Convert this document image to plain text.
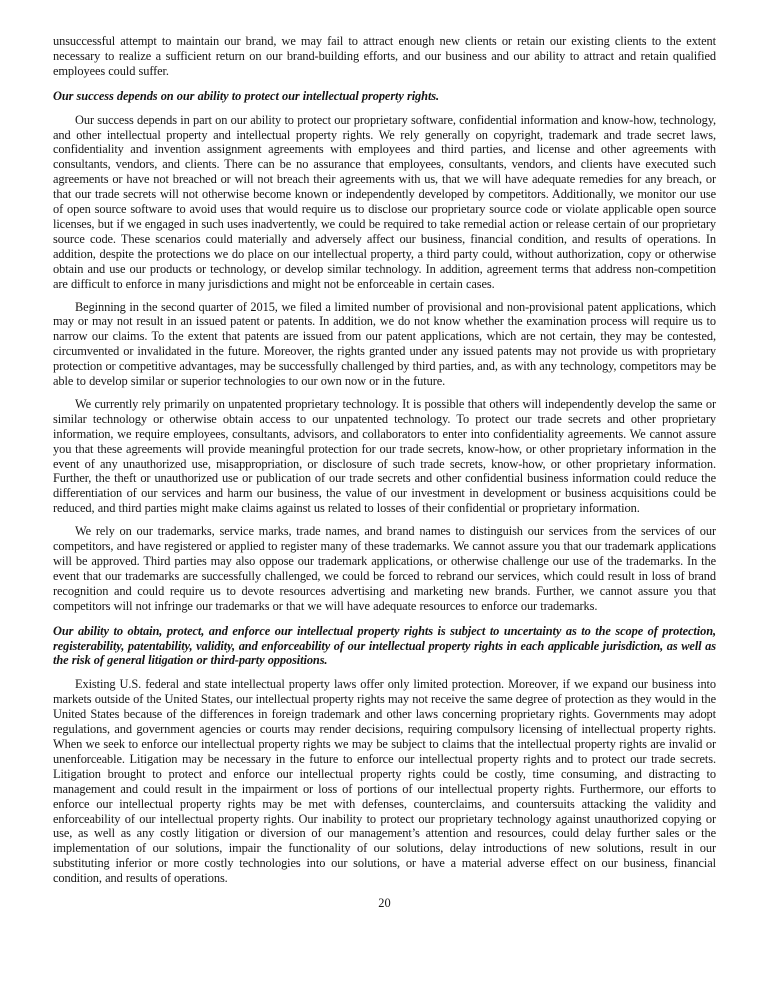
unsuccessful attempt to maintain our brand, we may fail to attract enough new clients or retain our existing clients to the extent necessary to realize a sufficient return on our brand-building efforts, and our business and our ability to attract and retain qualified employees could suffer.

Our success depends on our ability to protect our intellectual property rights.

Our success depends in part on our ability to protect our proprietary software, confidential information and know-how, technology, and other intellectual property and intellectual property rights. We rely generally on copyright, trademark and trade secret laws, confidentiality and invention assignment agreements with employees and third parties, and license and other agreements with consultants, vendors, and clients. There can be no assurance that employees, consultants, vendors, and clients have executed such agreements or have not breached or will not breach their agreements with us, that we will have adequate remedies for any breach, or that our trade secrets will not otherwise become known or independently developed by competitors. Additionally, we monitor our use of open source software to avoid uses that would require us to disclose our proprietary source code or violate applicable open source licenses, but if we engaged in such uses inadvertently, we could be required to take remedial action or release certain of our proprietary source code. These scenarios could materially and adversely affect our business, financial condition, and results of operations. In addition, despite the protections we do place on our intellectual property, a third party could, without authorization, copy or otherwise obtain and use our products or technology, or develop similar technology. In addition, agreement terms that address non-competition are difficult to enforce in many jurisdictions and might not be enforceable in certain cases.

Beginning in the second quarter of 2015, we filed a limited number of provisional and non-provisional patent applications, which may or may not result in an issued patent or patents. In addition, we do not know whether the examination process will require us to narrow our claims. To the extent that patents are issued from our patent applications, which are not certain, they may be contested, circumvented or invalidated in the future. Moreover, the rights granted under any issued patents may not provide us with proprietary protection or competitive advantages, may be successfully challenged by third parties, and, as with any technology, competitors may be able to develop similar or superior technologies to our own now or in the future.

We currently rely primarily on unpatented proprietary technology. It is possible that others will independently develop the same or similar technology or otherwise obtain access to our unpatented technology. To protect our trade secrets and other proprietary information, we require employees, consultants, advisors, and collaborators to enter into confidentiality agreements. We cannot assure you that these agreements will provide meaningful protection for our trade secrets, know-how, or other proprietary information in the event of any unauthorized use, misappropriation, or disclosure of such trade secrets, know-how, or other proprietary information. Further, the theft or unauthorized use or publication of our trade secrets and other confidential business information could reduce the differentiation of our services and harm our business, the value of our investment in development or business acquisitions could be reduced, and third parties might make claims against us related to losses of their confidential or proprietary information.

We rely on our trademarks, service marks, trade names, and brand names to distinguish our services from the services of our competitors, and have registered or applied to register many of these trademarks. We cannot assure you that our trademark applications will be approved. Third parties may also oppose our trademark applications, or otherwise challenge our use of the trademarks. In the event that our trademarks are successfully challenged, we could be forced to rebrand our services, which could result in loss of brand recognition and could require us to devote resources advertising and marketing new brands. Further, we cannot assure you that competitors will not infringe our trademarks or that we will have adequate resources to enforce our trademarks.

Our ability to obtain, protect, and enforce our intellectual property rights is subject to uncertainty as to the scope of protection, registerability, patentability, validity, and enforceability of our intellectual property rights in each applicable jurisdiction, as well as the risk of general litigation or third-party oppositions.

Existing U.S. federal and state intellectual property laws offer only limited protection. Moreover, if we expand our business into markets outside of the United States, our intellectual property rights may not receive the same degree of protection as they would in the United States because of the differences in foreign trademark and other laws concerning proprietary rights. Governments may adopt regulations, and government agencies or courts may render decisions, requiring compulsory licensing of intellectual property rights. When we seek to enforce our intellectual property rights we may be subject to claims that the intellectual property rights are invalid or unenforceable. Litigation may be necessary in the future to enforce our intellectual property rights and to protect our trade secrets. Litigation brought to protect and enforce our intellectual property rights could be costly, time consuming, and distracting to management and could result in the impairment or loss of portions of our intellectual property rights. Furthermore, our efforts to enforce our intellectual property rights may be met with defenses, counterclaims, and countersuits attacking the validity and enforceability of our intellectual property rights. Our inability to protect our proprietary technology against unauthorized copying or use, as well as any costly litigation or diversion of our management’s attention and resources, could delay further sales or the implementation of our solutions, impair the functionality of our solutions, delay introductions of new solutions, result in our substituting inferior or more costly technologies into our solutions, or have a material adverse effect on our business, financial condition, and results of operations.

20
